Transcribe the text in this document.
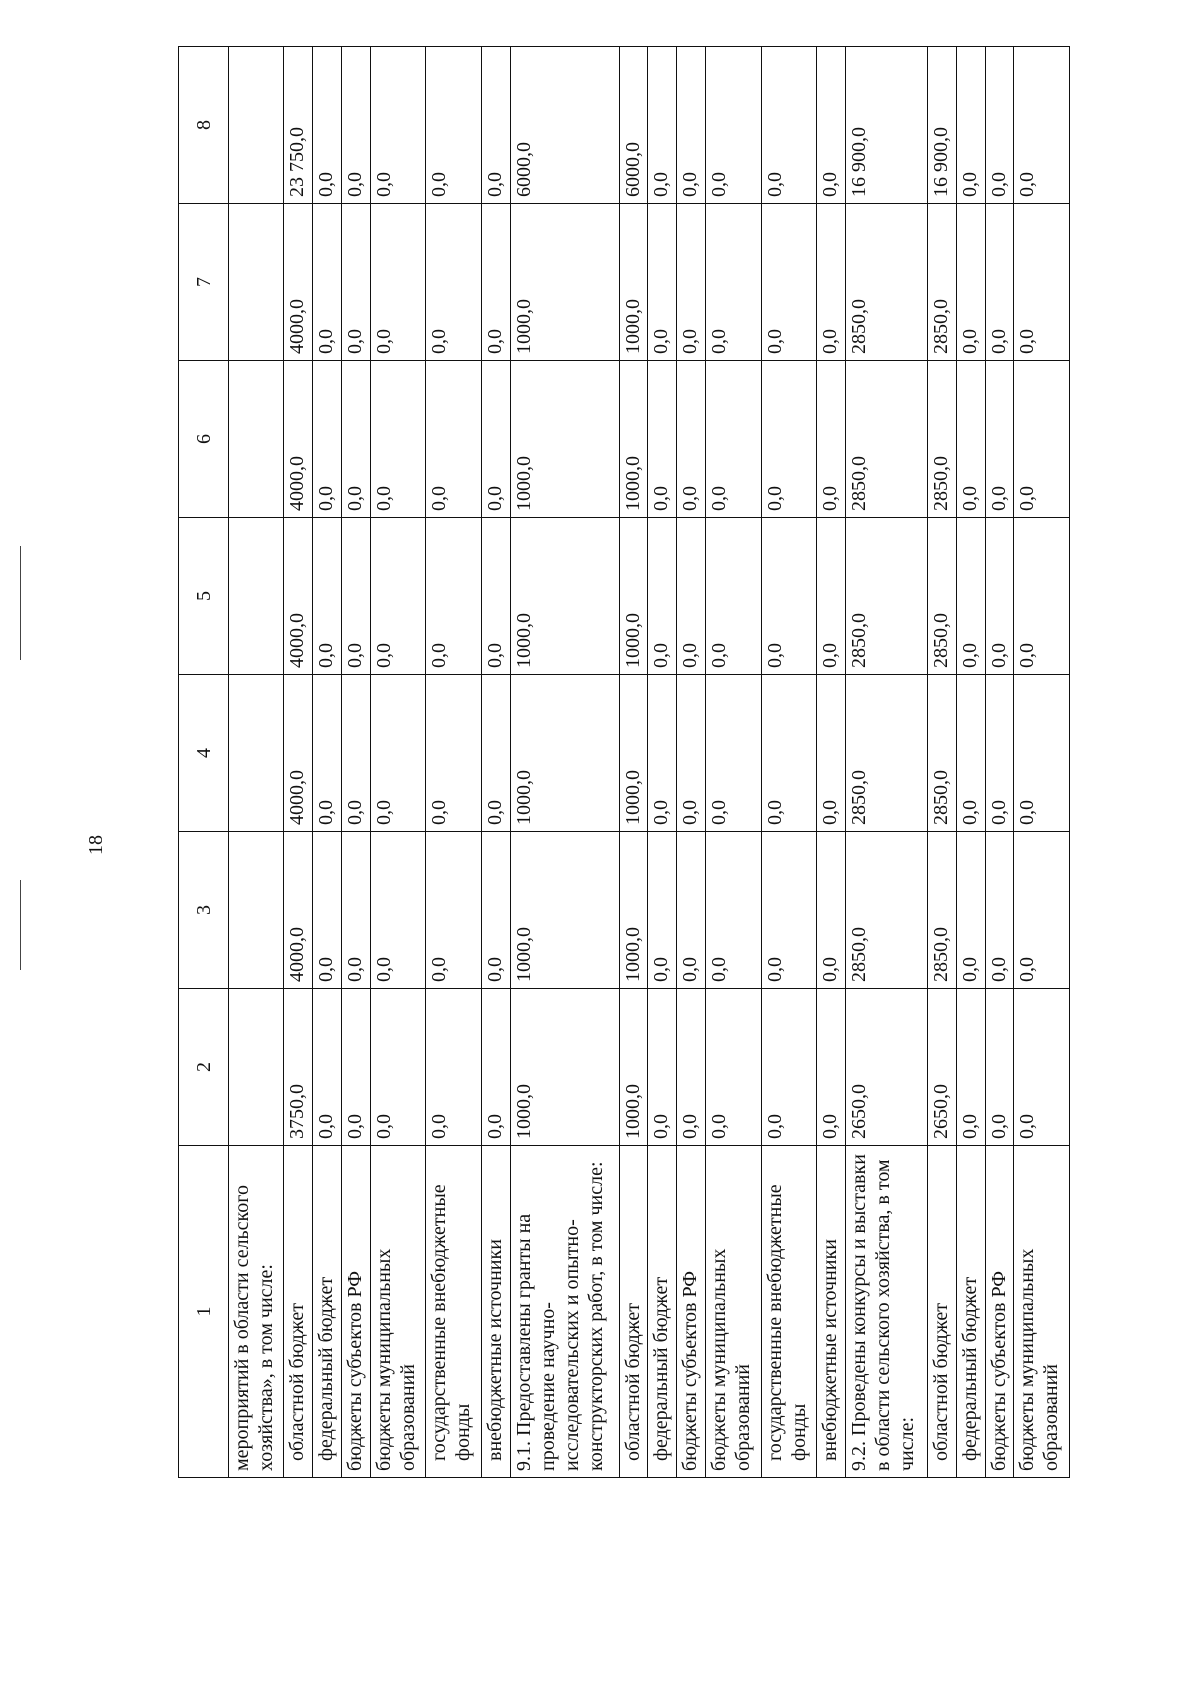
18
1	2	3	4	5	6	7	8
мероприятий в области сельского хозяйства», в том числе:							
областной бюджет	3750,0	4000,0	4000,0	4000,0	4000,0	4000,0	23 750,0
федеральный бюджет	0,0	0,0	0,0	0,0	0,0	0,0	0,0
бюджеты субъектов РФ	0,0	0,0	0,0	0,0	0,0	0,0	0,0
бюджеты муниципальных образований	0,0	0,0	0,0	0,0	0,0	0,0	0,0
государственные внебюджетные фонды	0,0	0,0	0,0	0,0	0,0	0,0	0,0
внебюджетные источники	0,0	0,0	0,0	0,0	0,0	0,0	0,0
9.1. Предоставлены гранты на проведение научно-исследовательских и опытно-конструкторских работ, в том числе:	1000,0	1000,0	1000,0	1000,0	1000,0	1000,0	6000,0
областной бюджет	1000,0	1000,0	1000,0	1000,0	1000,0	1000,0	6000,0
федеральный бюджет	0,0	0,0	0,0	0,0	0,0	0,0	0,0
бюджеты субъектов РФ	0,0	0,0	0,0	0,0	0,0	0,0	0,0
бюджеты муниципальных образований	0,0	0,0	0,0	0,0	0,0	0,0	0,0
государственные внебюджетные фонды	0,0	0,0	0,0	0,0	0,0	0,0	0,0
внебюджетные источники	0,0	0,0	0,0	0,0	0,0	0,0	0,0
9.2. Проведены конкурсы и выставки в области сельского хозяйства, в том числе:	2650,0	2850,0	2850,0	2850,0	2850,0	2850,0	16 900,0
областной бюджет	2650,0	2850,0	2850,0	2850,0	2850,0	2850,0	16 900,0
федеральный бюджет	0,0	0,0	0,0	0,0	0,0	0,0	0,0
бюджеты субъектов РФ	0,0	0,0	0,0	0,0	0,0	0,0	0,0
бюджеты муниципальных образований	0,0	0,0	0,0	0,0	0,0	0,0	0,0
